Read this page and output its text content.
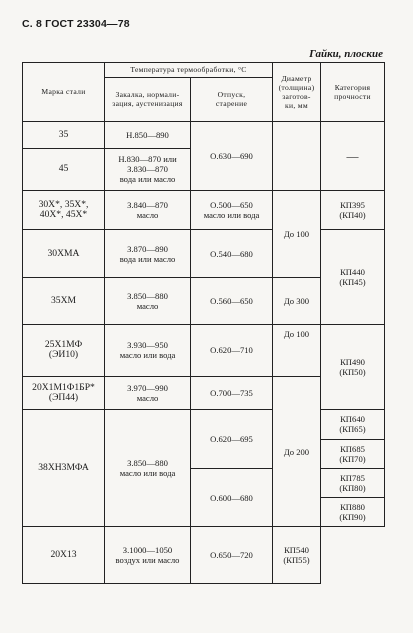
С. 8 ГОСТ 23304—78
Гайки, плоские
Марка стали	Температура термообработки, °С		Диаметр
(толщина)
заготов-
ки, мм	Категория
прочности

	Закалка, нормали-
зация, аустенизация	Отпуск,
старение		

35	Н.850—890	О.630—690		—
45	Н.830—870 или
З.830—870
вода или масло			

30Х*, 35Х*,
40Х*, 45Х*	З.840—870
масло	О.500—650
масло или вода	До 100	КП395
(КП40)

30ХМА	З.870—890
вода или масло	О.540—680		КП440
(КП45)

35ХМ	З.850—880
масло	О.560—650	До 300	

25Х1МФ
(ЭИ10)	З.930—950
масло или вода	О.620—710	До 100	КП490
(КП50)

20Х1М1Ф1БР*
(ЭП44)	З.970—990
масло	О.700—735	До 200	
38ХН3МФА	З.850—880
масло или вода	О.620—695		КП640
(КП65)

				КП685
(КП70)

		О.600—680		КП785
(КП80)

				КП880
(КП90)

20Х13	З.1000—1050
воздух или масло	О.650—720	КП540
(КП55)	
